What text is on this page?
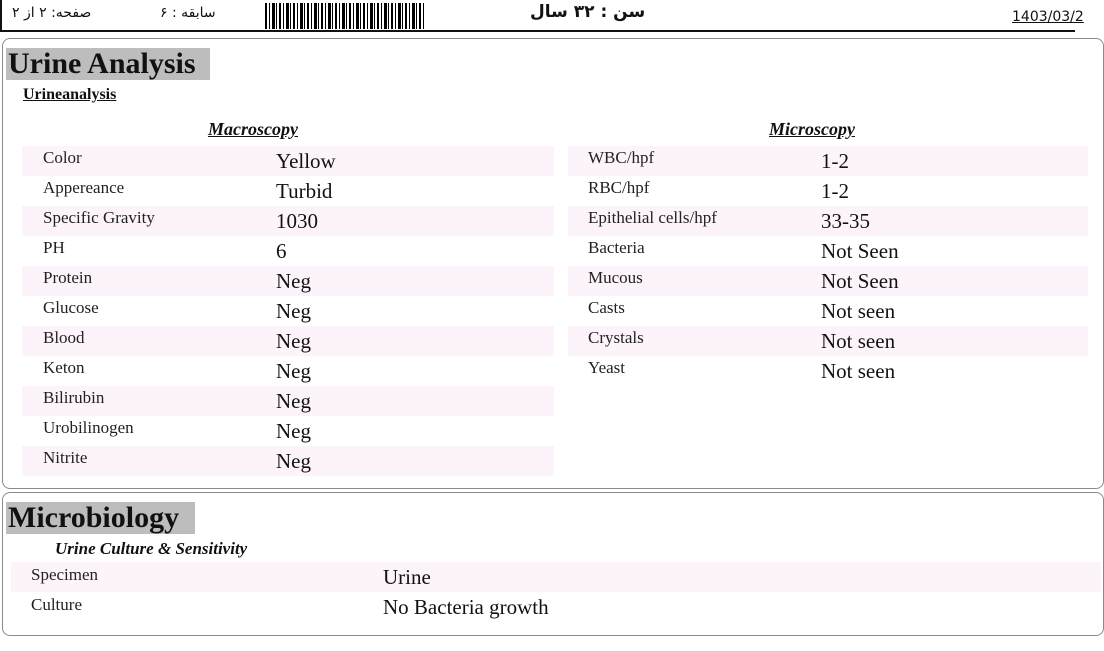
صفحه: ۲ از ۲	سابقه : ۶	سن : ۳۲ سال	1403/03/2
Urine Analysis
Urineanalysis
Macroscopy	Microscopy
Color	Yellow
Appereance	Turbid
Specific Gravity	1030
PH	6
Protein	Neg
Glucose	Neg
Blood	Neg
Keton	Neg
Bilirubin	Neg
Urobilinogen	Neg
Nitrite	Neg
WBC/hpf	1-2
RBC/hpf	1-2
Epithelial cells/hpf	33-35
Bacteria	Not Seen
Mucous	Not Seen
Casts	Not seen
Crystals	Not seen
Yeast	Not seen
Microbiology
Urine Culture & Sensitivity
Specimen	Urine
Culture	No Bacteria growth
